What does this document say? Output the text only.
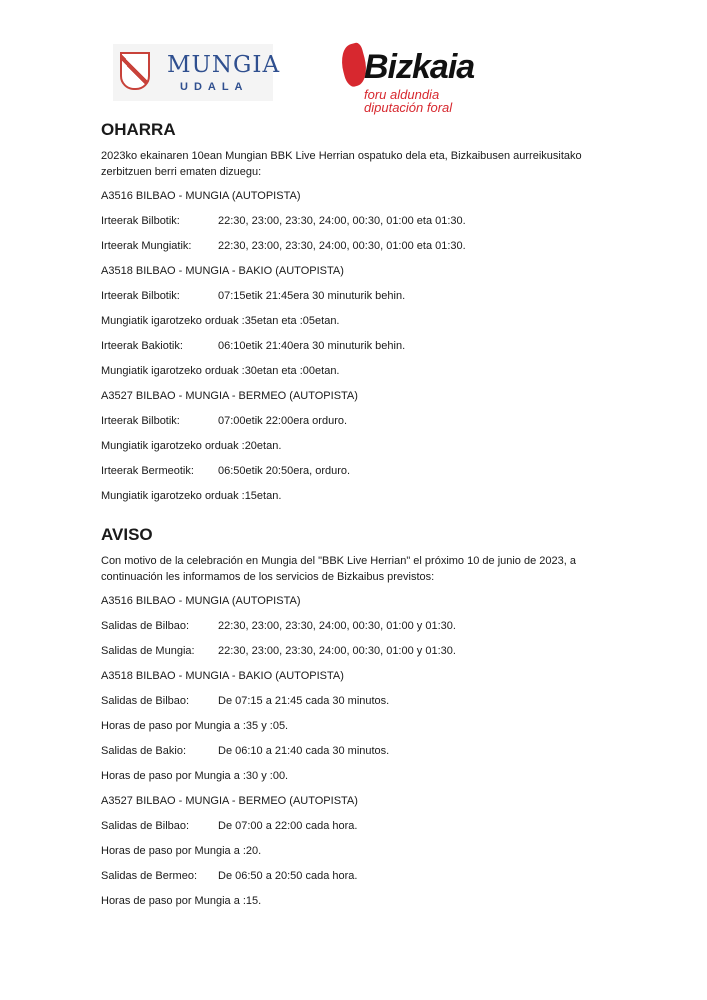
MUNGIA
UDALA
Bizkaia
foru aldundia
diputación foral
OHARRA

2023ko ekainaren 10ean Mungian BBK Live Herrian ospatuko dela eta, Bizkaibusen aurreikusitako zerbitzuen berri ematen dizuegu:

A3516 BILBAO - MUNGIA (AUTOPISTA)

Irteerak Bilbotik:	22:30, 23:00, 23:30, 24:00, 00:30, 01:00 eta 01:30.

Irteerak Mungiatik: 22:30, 23:00, 23:30, 24:00, 00:30, 01:00 eta 01:30.

A3518 BILBAO - MUNGIA - BAKIO (AUTOPISTA)

Irteerak Bilbotik:	07:15etik 21:45era 30 minuturik behin.

Mungiatik igarotzeko orduak :35etan eta :05etan.

Irteerak Bakiotik:	06:10etik 21:40era 30 minuturik behin.

Mungiatik igarotzeko orduak :30etan eta :00etan.

A3527 BILBAO - MUNGIA - BERMEO (AUTOPISTA)

Irteerak Bilbotik:	07:00etik 22:00era orduro.

Mungiatik igarotzeko orduak :20etan.

Irteerak Bermeotik: 06:50etik 20:50era, orduro.

Mungiatik igarotzeko orduak :15etan.

AVISO

Con motivo de la celebración en Mungia del "BBK Live Herrian" el próximo 10 de junio de 2023, a continuación les informamos de los servicios de Bizkaibus previstos:

A3516 BILBAO - MUNGIA (AUTOPISTA)

Salidas de Bilbao:	22:30, 23:00, 23:30, 24:00, 00:30, 01:00 y 01:30.

Salidas de Mungia: 22:30, 23:00, 23:30, 24:00, 00:30, 01:00 y 01:30.

A3518 BILBAO - MUNGIA - BAKIO (AUTOPISTA)

Salidas de Bilbao:	De 07:15 a 21:45 cada 30 minutos.

Horas de paso por Mungia a :35 y :05.

Salidas de Bakio:	De 06:10 a 21:40 cada 30 minutos.

Horas de paso por Mungia a :30 y :00.

A3527 BILBAO - MUNGIA - BERMEO (AUTOPISTA)

Salidas de Bilbao:	De 07:00 a 22:00 cada hora.

Horas de paso por Mungia a :20.

Salidas de Bermeo: De 06:50 a 20:50 cada hora.

Horas de paso por Mungia a :15.
